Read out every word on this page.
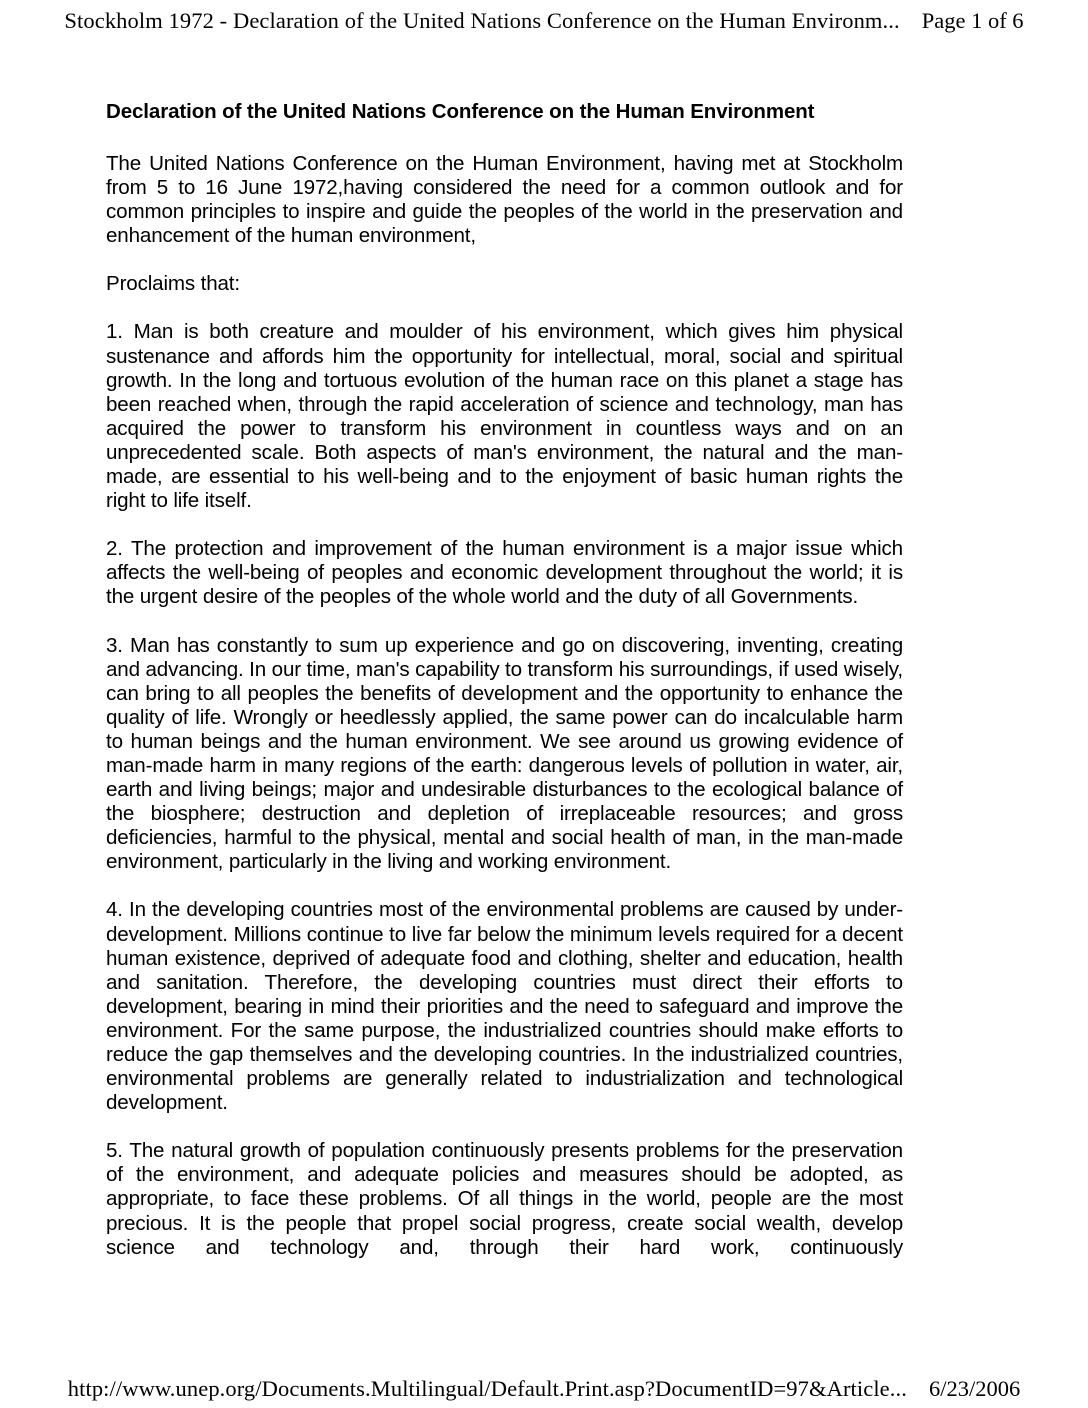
Stockholm 1972 - Declaration of the United Nations Conference on the Human Environm... Page 1 of 6
Declaration of the United Nations Conference on the Human Environment

The United Nations Conference on the Human Environment, having met at Stockholm from 5 to 16 June 1972,having considered the need for a common outlook and for common principles to inspire and guide the peoples of the world in the preservation and enhancement of the human environment,

Proclaims that:

1. Man is both creature and moulder of his environment, which gives him physical sustenance and affords him the opportunity for intellectual, moral, social and spiritual growth. In the long and tortuous evolution of the human race on this planet a stage has been reached when, through the rapid acceleration of science and technology, man has acquired the power to transform his environment in countless ways and on an unprecedented scale. Both aspects of man's environment, the natural and the man-made, are essential to his well-being and to the enjoyment of basic human rights the right to life itself.

2. The protection and improvement of the human environment is a major issue which affects the well-being of peoples and economic development throughout the world; it is the urgent desire of the peoples of the whole world and the duty of all Governments.

3. Man has constantly to sum up experience and go on discovering, inventing, creating and advancing. In our time, man's capability to transform his surroundings, if used wisely, can bring to all peoples the benefits of development and the opportunity to enhance the quality of life. Wrongly or heedlessly applied, the same power can do incalculable harm to human beings and the human environment. We see around us growing evidence of man-made harm in many regions of the earth: dangerous levels of pollution in water, air, earth and living beings; major and undesirable disturbances to the ecological balance of the biosphere; destruction and depletion of irreplaceable resources; and gross deficiencies, harmful to the physical, mental and social health of man, in the man-made environment, particularly in the living and working environment.

4. In the developing countries most of the environmental problems are caused by under-development. Millions continue to live far below the minimum levels required for a decent human existence, deprived of adequate food and clothing, shelter and education, health and sanitation. Therefore, the developing countries must direct their efforts to development, bearing in mind their priorities and the need to safeguard and improve the environment. For the same purpose, the industrialized countries should make efforts to reduce the gap themselves and the developing countries. In the industrialized countries, environmental problems are generally related to industrialization and technological development.

5. The natural growth of population continuously presents problems for the preservation of the environment, and adequate policies and measures should be adopted, as appropriate, to face these problems. Of all things in the world, people are the most precious. It is the people that propel social progress, create social wealth, develop science and technology and, through their hard work, continuously

http://www.unep.org/Documents.Multilingual/Default.Print.asp?DocumentID=97&Article... 6/23/2006
